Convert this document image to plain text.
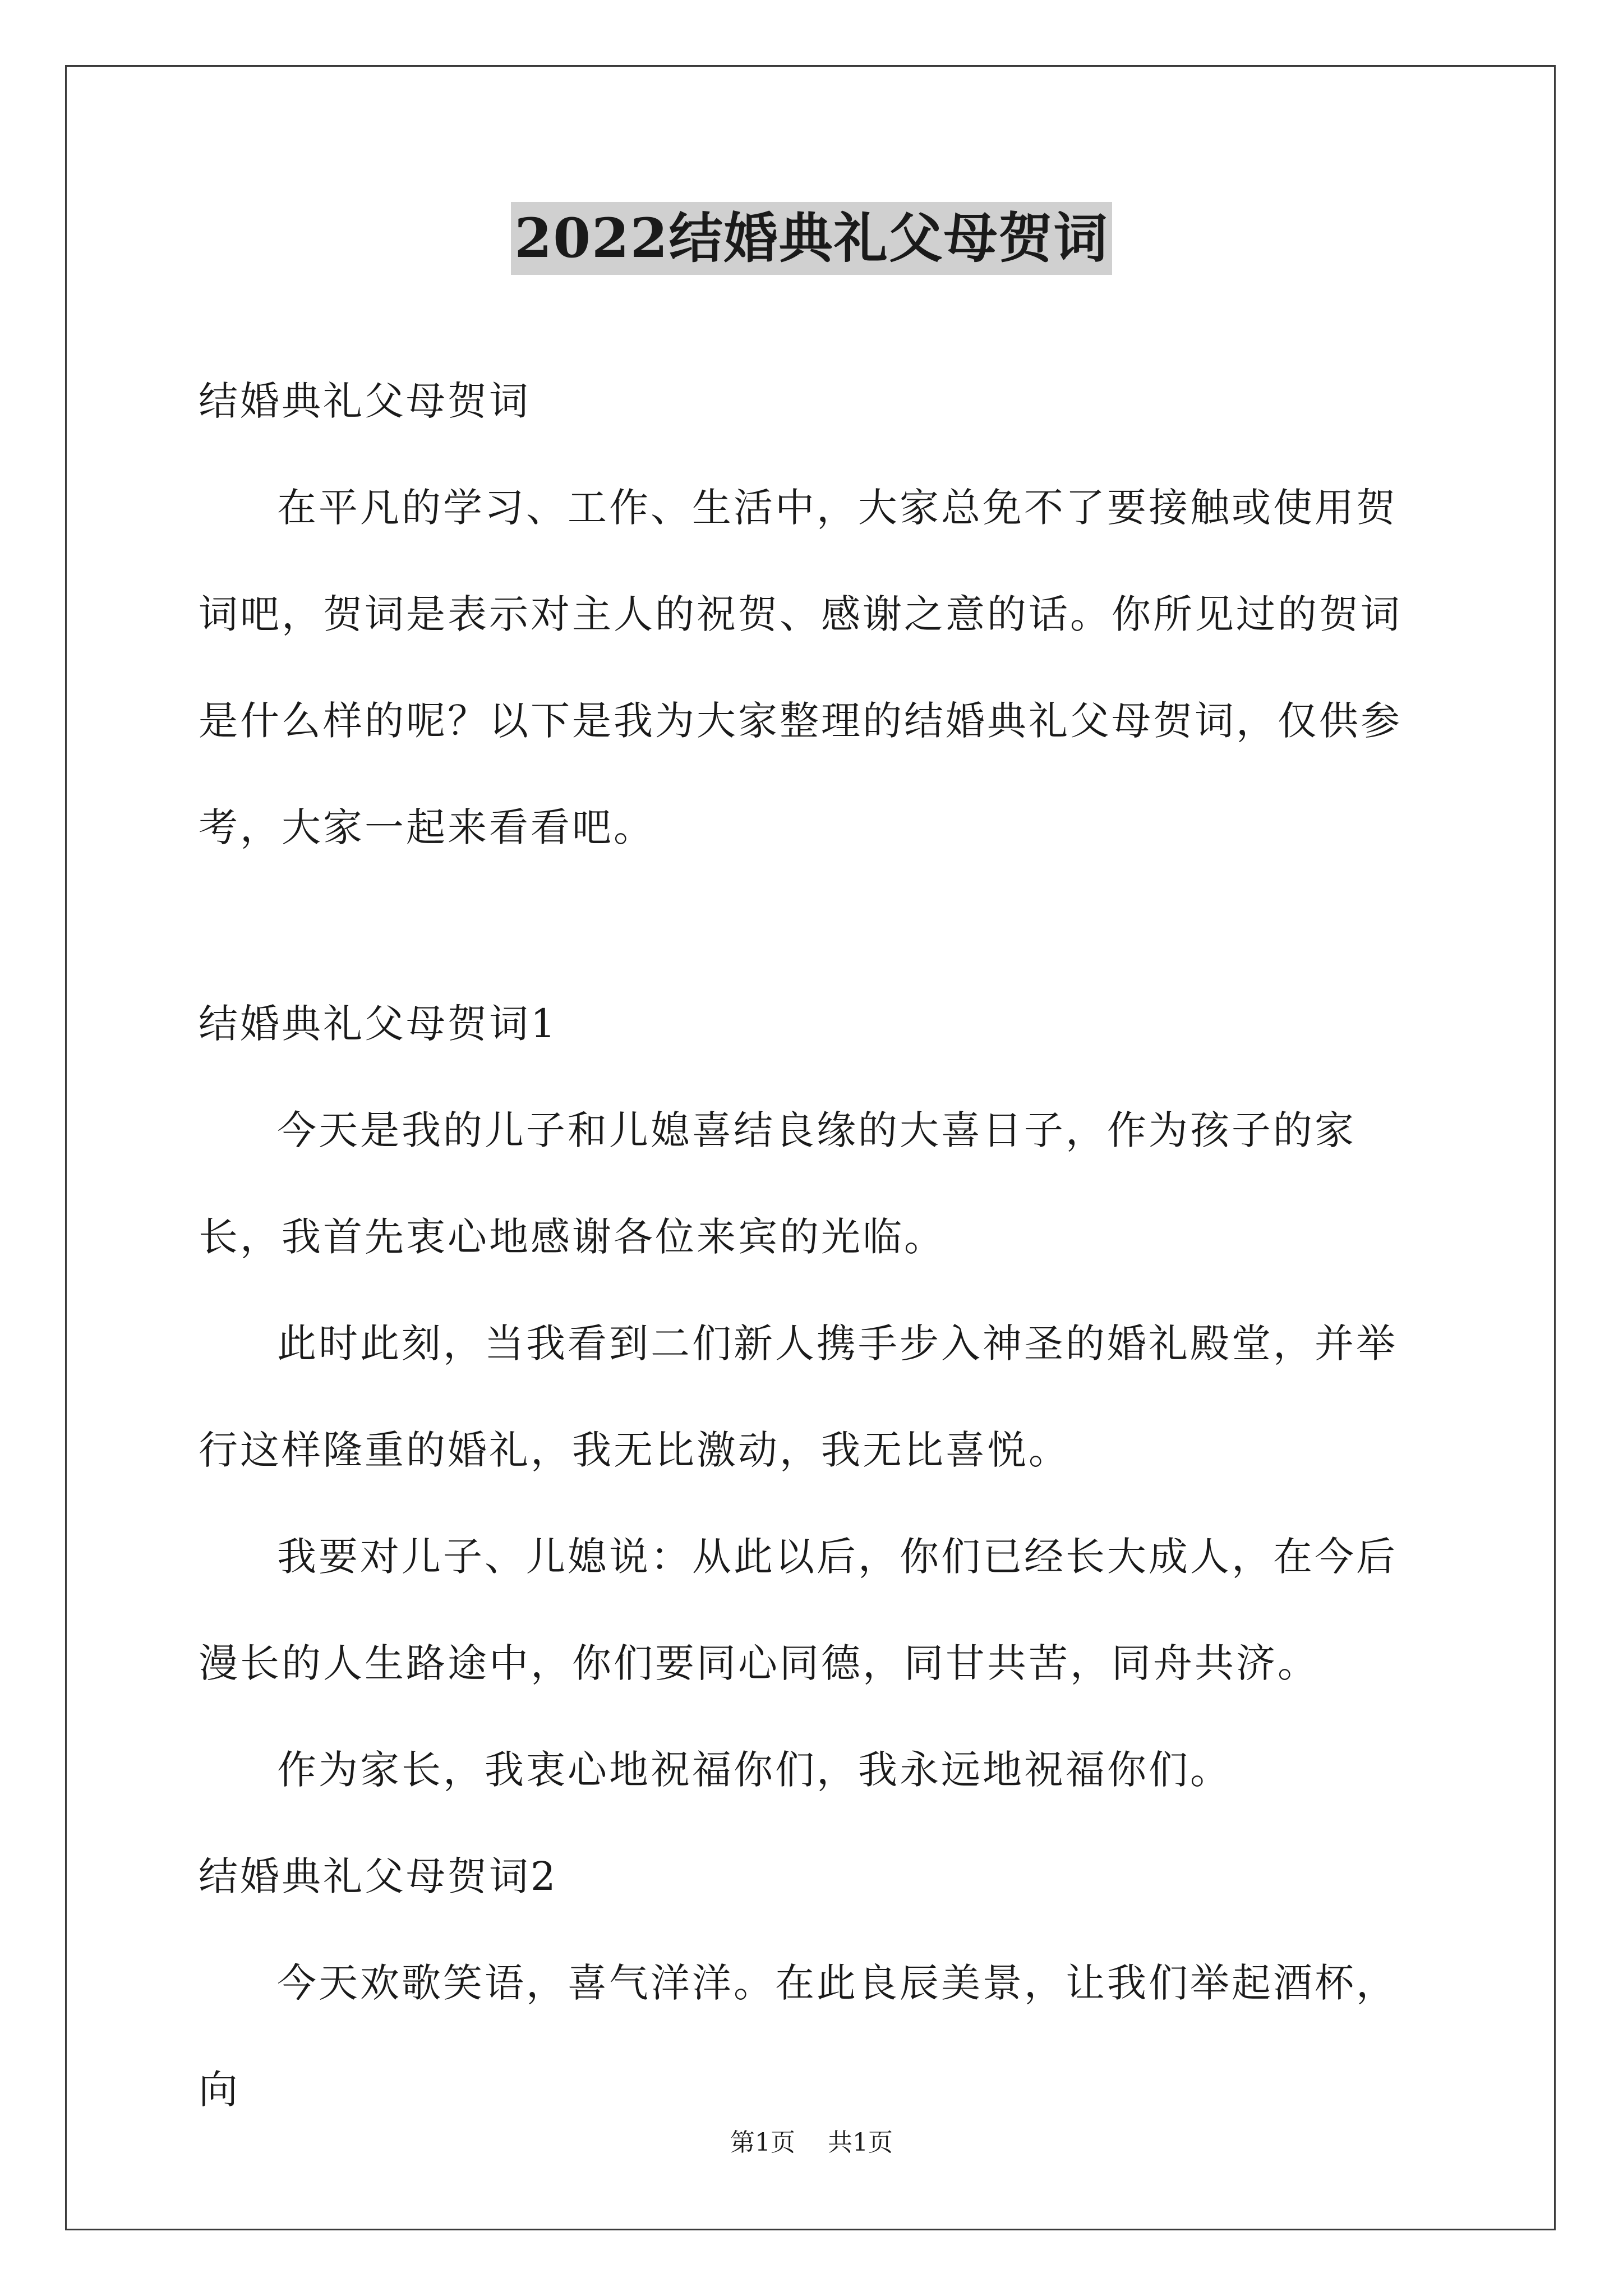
2022结婚典礼父母贺词

结婚典礼父母贺词

在平凡的学习、工作、生活中，大家总免不了要接触或使用贺词吧，贺词是表示对主人的祝贺、感谢之意的话。你所见过的贺词是什么样的呢？以下是我为大家整理的结婚典礼父母贺词，仅供参考，大家一起来看看吧。

结婚典礼父母贺词1

今天是我的儿子和儿媳喜结良缘的大喜日子，作为孩子的家长，我首先衷心地感谢各位来宾的光临。

此时此刻，当我看到二们新人携手步入神圣的婚礼殿堂，并举行这样隆重的婚礼，我无比激动，我无比喜悦。

我要对儿子、儿媳说：从此以后，你们已经长大成人，在今后漫长的人生路途中，你们要同心同德，同甘共苦，同舟共济。

作为家长，我衷心地祝福你们，我永远地祝福你们。

结婚典礼父母贺词2

今天欢歌笑语，喜气洋洋。在此良辰美景，让我们举起酒杯，向

第1页 共1页
